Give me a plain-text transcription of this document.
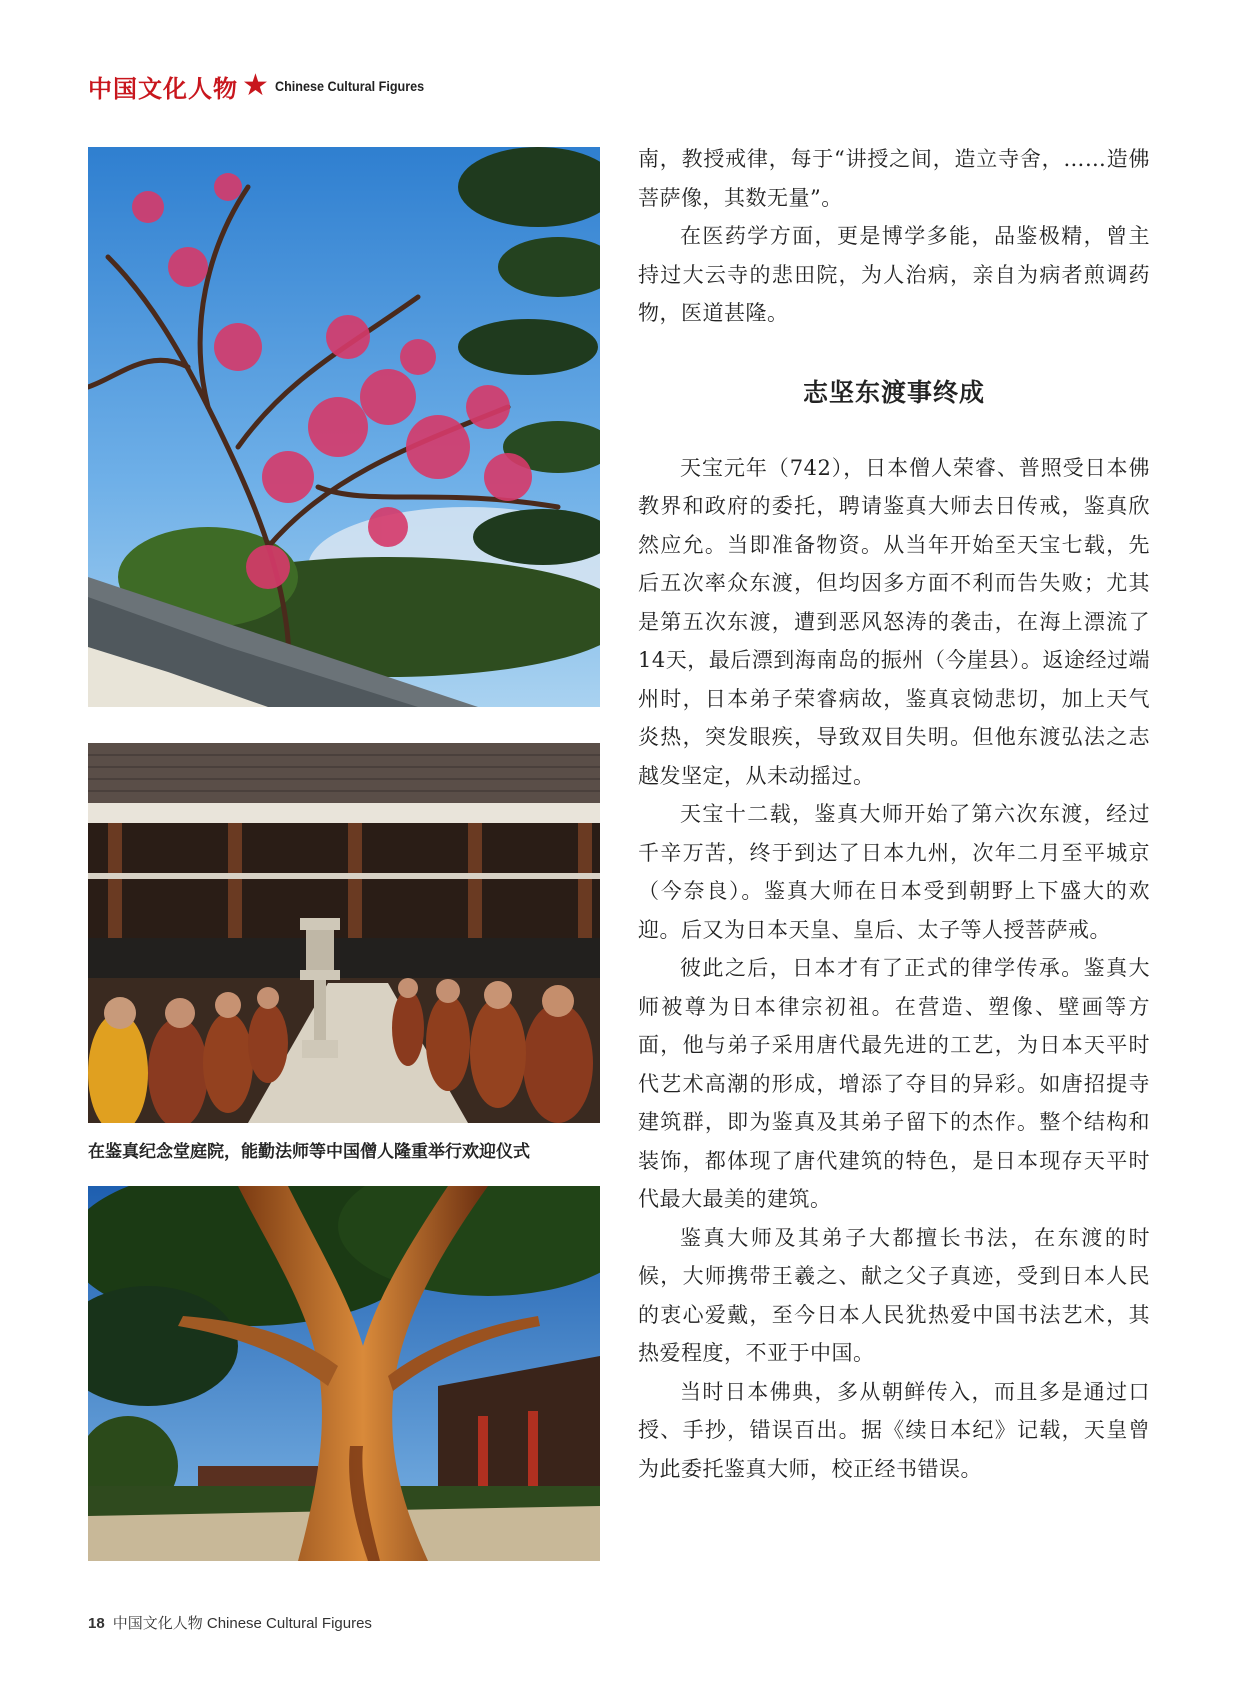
中国文化人物 ★ Chinese Cultural Figures
在鉴真纪念堂庭院，能勤法师等中国僧人隆重举行欢迎仪式

南，教授戒律，每于“讲授之间，造立寺舍，……造佛菩萨像，其数无量”。

在医药学方面，更是博学多能，品鉴极精，曾主持过大云寺的悲田院，为人治病，亲自为病者煎调药物，医道甚隆。

志坚东渡事终成

天宝元年（742），日本僧人荣睿、普照受日本佛教界和政府的委托，聘请鉴真大师去日传戒，鉴真欣然应允。当即准备物资。从当年开始至天宝七载，先后五次率众东渡，但均因多方面不利而告失败；尤其是第五次东渡，遭到恶风怒涛的袭击，在海上漂流了14天，最后漂到海南岛的振州（今崖县）。返途经过端州时，日本弟子荣睿病故，鉴真哀恸悲切，加上天气炎热，突发眼疾，导致双目失明。但他东渡弘法之志越发坚定，从未动摇过。

天宝十二载，鉴真大师开始了第六次东渡，经过千辛万苦，终于到达了日本九州，次年二月至平城京（今奈良）。鉴真大师在日本受到朝野上下盛大的欢迎。后又为日本天皇、皇后、太子等人授菩萨戒。

彼此之后，日本才有了正式的律学传承。鉴真大师被尊为日本律宗初祖。在营造、塑像、壁画等方面，他与弟子采用唐代最先进的工艺，为日本天平时代艺术高潮的形成，增添了夺目的异彩。如唐招提寺建筑群，即为鉴真及其弟子留下的杰作。整个结构和装饰，都体现了唐代建筑的特色，是日本现存天平时代最大最美的建筑。

鉴真大师及其弟子大都擅长书法，在东渡的时候，大师携带王羲之、献之父子真迹，受到日本人民的衷心爱戴，至今日本人民犹热爱中国书法艺术，其热爱程度，不亚于中国。

当时日本佛典，多从朝鲜传入，而且多是通过口授、手抄，错误百出。据《续日本纪》记载，天皇曾为此委托鉴真大师，校正经书错误。

18 中国文化人物 Chinese Cultural Figures
